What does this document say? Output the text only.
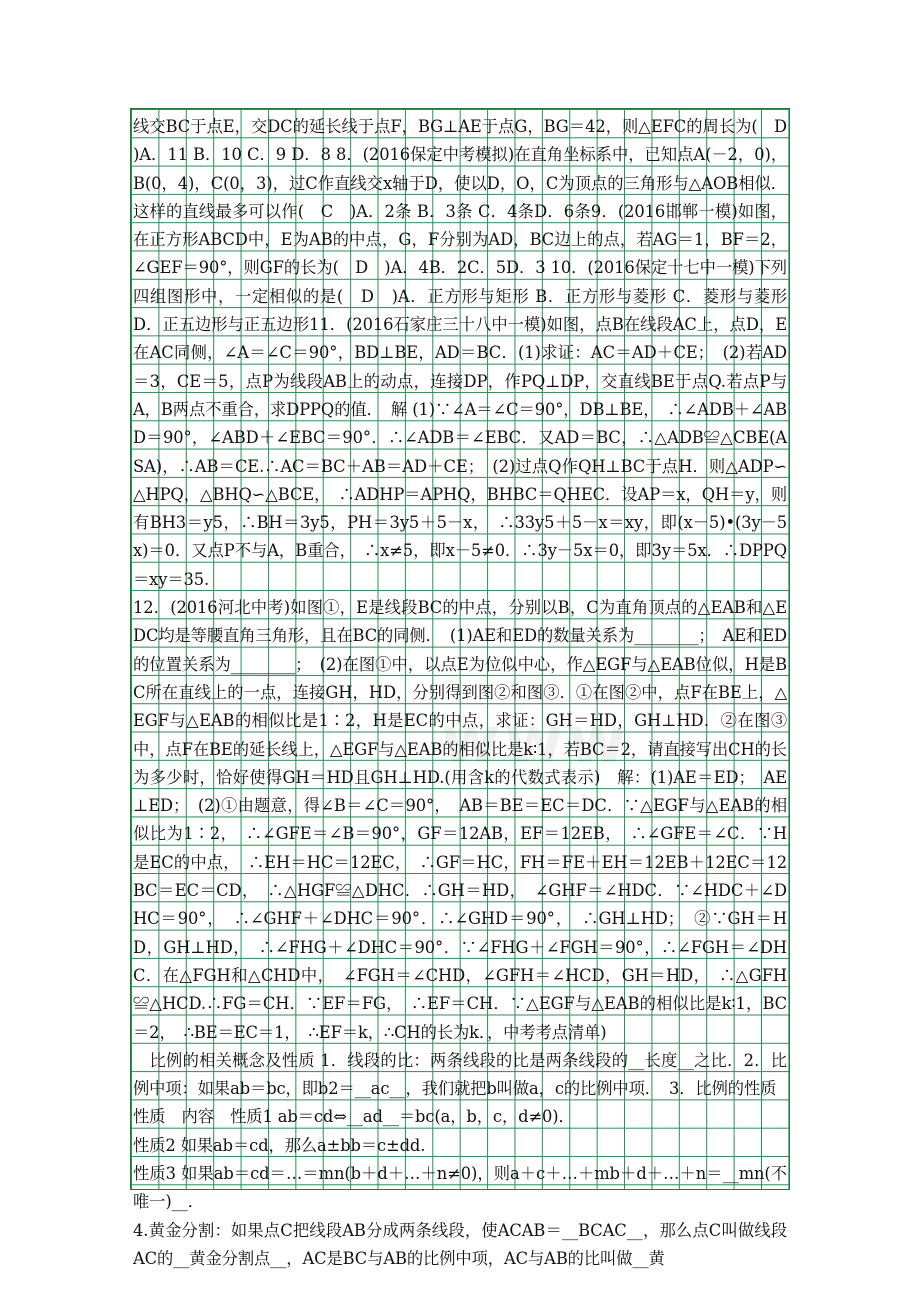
www

线交BC于点E，交DC的延长线于点F，BG⊥AE于点G，BG＝42，则△EFC的周长为(　D　)A．11 B．10 C．9 D．8 8．(2016保定中考模拟)在直角坐标系中，已知点A(－2，0)，B(0，4)，C(0，3)，过C作直线交x轴于D，使以D，O，C为顶点的三角形与△AOB相似．这样的直线最多可以作(　C　)A．2条 B．3条 C．4条D．6条9．(2016邯郸一模)如图，在正方形ABCD中，E为AB的中点，G，F分别为AD，BC边上的点，若AG＝1，BF＝2，∠GEF＝90°，则GF的长为(　D　)A．4B．2C．5D．3 10．(2016保定十七中一模)下列四组图形中，一定相似的是(　D　)A．正方形与矩形 B．正方形与菱形 C．菱形与菱形 D．正五边形与正五边形11．(2016石家庄三十八中一模)如图，点B在线段AC上，点D，E在AC同侧，∠A＝∠C＝90°，BD⊥BE，AD＝BC．(1)求证：AC＝AD＋CE；　(2)若AD＝3，CE＝5，点P为线段AB上的动点，连接DP，作PQ⊥DP，交直线BE于点Q.若点P与A，B两点不重合，求DPPQ的值．　解 (1)∵∠A＝∠C＝90°，DB⊥BE，　∴∠ADB＋∠ABD＝90°，∠ABD＋∠EBC＝90°．∴∠ADB＝∠EBC．又AD＝BC，∴△ADB≌△CBE(ASA)，∴AB＝CE.∴AC＝BC＋AB＝AD＋CE；　(2)过点Q作QH⊥BC于点H．则△ADP∽△HPQ，△BHQ∽△BCE，　∴ADHP＝APHQ，BHBC＝QHEC．设AP＝x，QH＝y，则有BH3＝y5，∴BH＝3y5，PH＝3y5＋5－x，　∴33y5＋5－x＝xy，即(x－5)•(3y－5x)＝0．又点P不与A，B重合，　∴x≠5，即x－5≠0．∴3y－5x＝0，即3y＝5x．∴DPPQ＝xy＝35.

12．(2016河北中考)如图①，E是线段BC的中点，分别以B，C为直角顶点的△EAB和△EDC均是等腰直角三角形，且在BC的同侧．　(1)AE和ED的数量关系为________；　AE和ED的位置关系为________；　(2)在图①中，以点E为位似中心，作△EGF与△EAB位似，H是B C所在直线上的一点，连接GH，HD，分别得到图②和图③．①在图②中，点F在BE上，△EGF与△EAB的相似比是1∶2，H是EC的中点，求证：GH＝HD，GH⊥HD．②在图③中，点F在BE的延长线上，△EGF与△EAB的相似比是k∶1，若BC＝2，请直接写出CH的长为多少时，恰好使得GH＝HD且GH⊥HD.(用含k的代数式表示)　解：(1)AE＝ED；　AE⊥ED；　(2)①由题意，得∠B＝∠C＝90°，　AB＝BE＝EC＝DC．∵△EGF与△EAB的相似比为1∶2，　∴∠GFE＝∠B＝90°，GF＝12AB，EF＝12EB，　∴∠GFE＝∠C．∵H是EC的中点，　∴EH＝HC＝12EC，　∴GF＝HC，FH＝FE＋EH＝12EB＋12EC＝12BC＝EC＝CD，　∴△HGF≌△DHC．∴GH＝HD，　∠GHF＝∠HDC．∵∠HDC＋∠DHC＝90°，　∴∠GHF＋∠DHC＝90°．∴∠GHD＝90°，　∴GH⊥HD；　②∵GH＝HD，GH⊥HD，　∴∠FHG＋∠DHC＝90°．∵∠FHG＋∠FGH＝90°，∴∠FGH＝∠DHC．在△FGH和△CHD中，　∠FGH＝∠CHD，∠GFH＝∠HCD，GH＝HD，　∴△GFH≌△HCD.∴FG＝CH．∵EF＝FG，　∴EF＝CH．∵△EGF与△EAB的相似比是k∶1，BC＝2，　∴BE＝EC＝1，　∴EF＝k，∴CH的长为k．，中考考点清单)

　比例的相关概念及性质 1．线段的比：两条线段的比是两条线段的__长度__之比．2．比例中项：如果ab＝bc，即b2＝__ac__，我们就把b叫做a，c的比例中项．　3．比例的性质

性质　内容　性质1 ab＝cd⇔__ad__＝bc(a，b，c，d≠0)．

性质2 如果ab＝cd，那么a±bb＝c±dd.

性质3 如果ab＝cd＝…＝mn(b＋d＋…＋n≠0)，则a＋c＋…＋mb＋d＋…＋n＝__mn(不唯一)__．

4.黄金分割：如果点C把线段AB分成两条线段，使ACAB＝__BCAC__，那么点C叫做线段AC的__黄金分割点__，AC是BC与AB的比例中项，AC与AB的比叫做__黄
